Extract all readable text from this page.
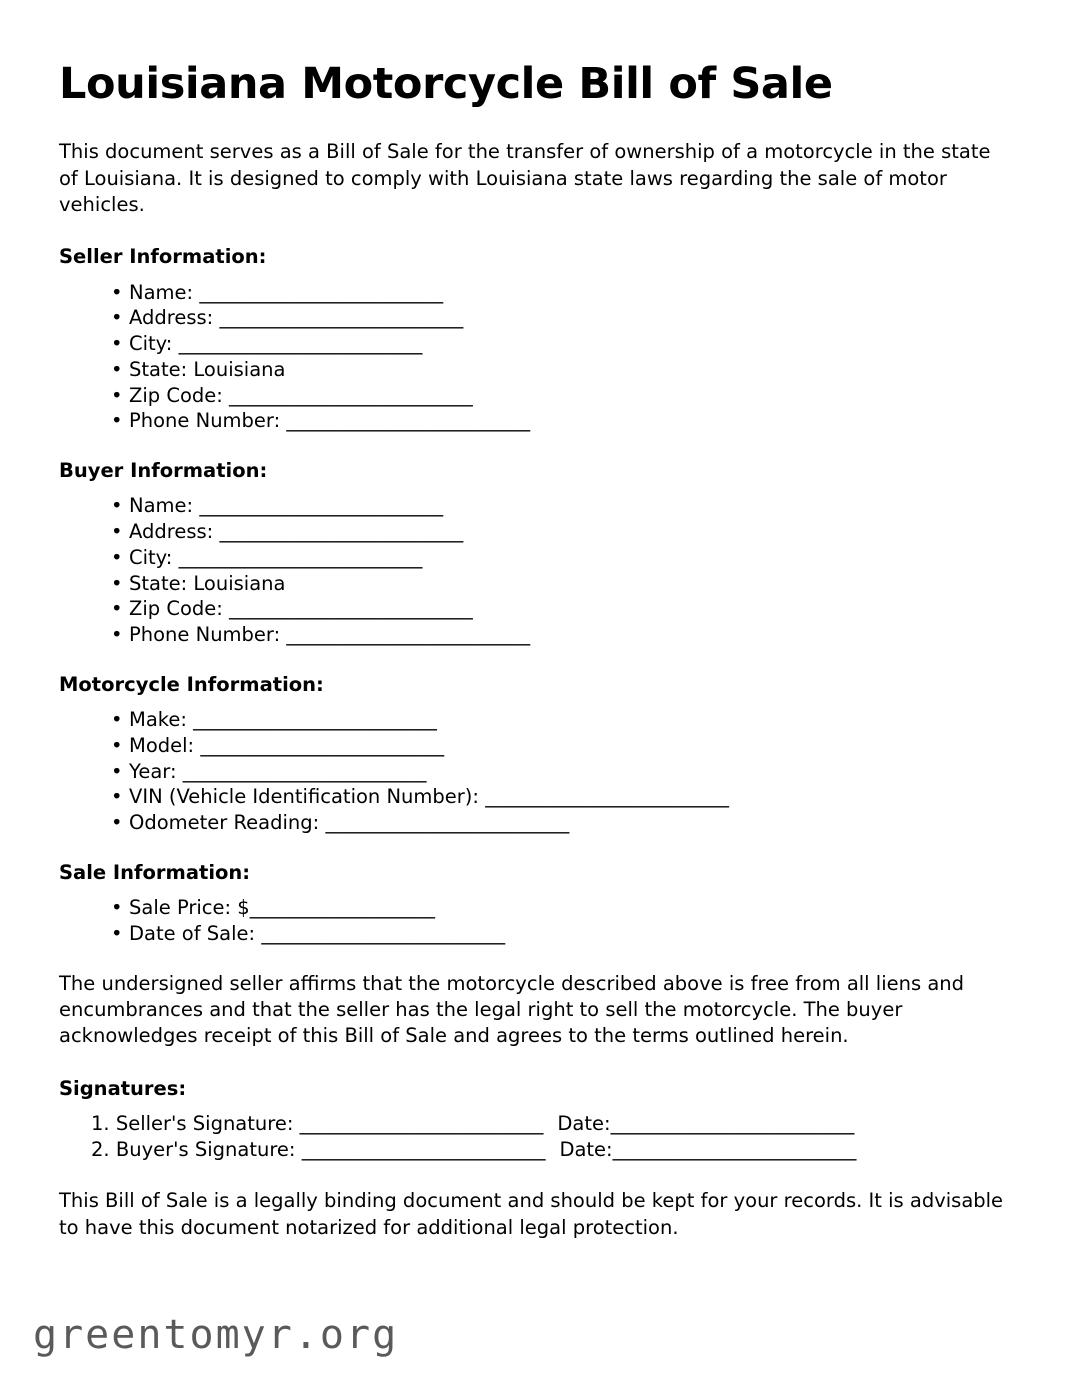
Louisiana Motorcycle Bill of Sale

This document serves as a Bill of Sale for the transfer of ownership of a motorcycle in the state of Louisiana. It is designed to comply with Louisiana state laws regarding the sale of motor vehicles.

Seller Information:
• Name: _________________________
• Address: _________________________
• City: _________________________
• State: Louisiana
• Zip Code: _________________________
• Phone Number: _________________________
Buyer Information:
• Name: _________________________
• Address: _________________________
• City: _________________________
• State: Louisiana
• Zip Code: _________________________
• Phone Number: _________________________
Motorcycle Information:
• Make: _________________________
• Model: _________________________
• Year: _________________________
• VIN (Vehicle Identification Number): _________________________
• Odometer Reading: _________________________
Sale Information:
• Sale Price: $___________________
• Date of Sale: _________________________

The undersigned seller affirms that the motorcycle described above is free from all liens and encumbrances and that the seller has the legal right to sell the motorcycle. The buyer acknowledges receipt of this Bill of Sale and agrees to the terms outlined herein.

Signatures:
Seller's Signature: _________________________Date:_________________________
Buyer's Signature: _________________________Date:_________________________

This Bill of Sale is a legally binding document and should be kept for your records. It is advisable to have this document notarized for additional legal protection.

greentomyr.org
